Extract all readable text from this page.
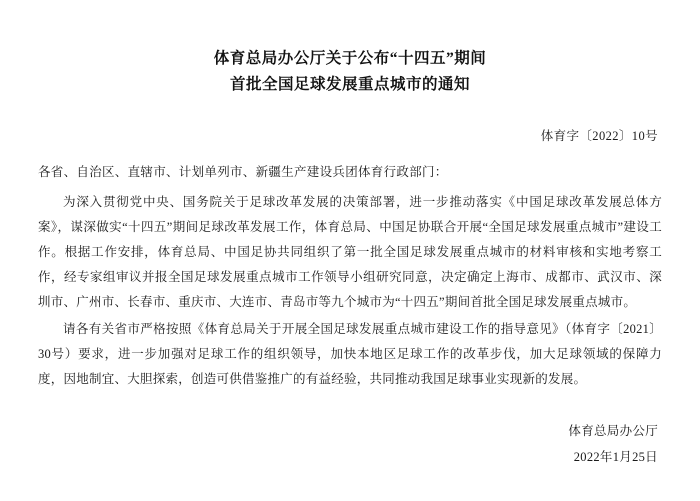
体育总局办公厅关于公布“十四五”期间
首批全国足球发展重点城市的通知
体育字〔2022〕10号
各省、自治区、直辖市、计划单列市、新疆生产建设兵团体育行政部门：

为深入贯彻党中央、国务院关于足球改革发展的决策部署，进一步推动落实《中国足球改革发展总体方案》，谋深做实“十四五”期间足球改革发展工作，体育总局、中国足协联合开展“全国足球发展重点城市”建设工作。根据工作安排，体育总局、中国足协共同组织了第一批全国足球发展重点城市的材料审核和实地考察工作，经专家组审议并报全国足球发展重点城市工作领导小组研究同意，决定确定上海市、成都市、武汉市、深圳市、广州市、长春市、重庆市、大连市、青岛市等九个城市为“十四五”期间首批全国足球发展重点城市。

请各有关省市严格按照《体育总局关于开展全国足球发展重点城市建设工作的指导意见》（体育字〔2021〕30号）要求，进一步加强对足球工作的组织领导，加快本地区足球工作的改革步伐，加大足球领域的保障力度，因地制宜、大胆探索，创造可供借鉴推广的有益经验，共同推动我国足球事业实现新的发展。

体育总局办公厅
2022年1月25日
